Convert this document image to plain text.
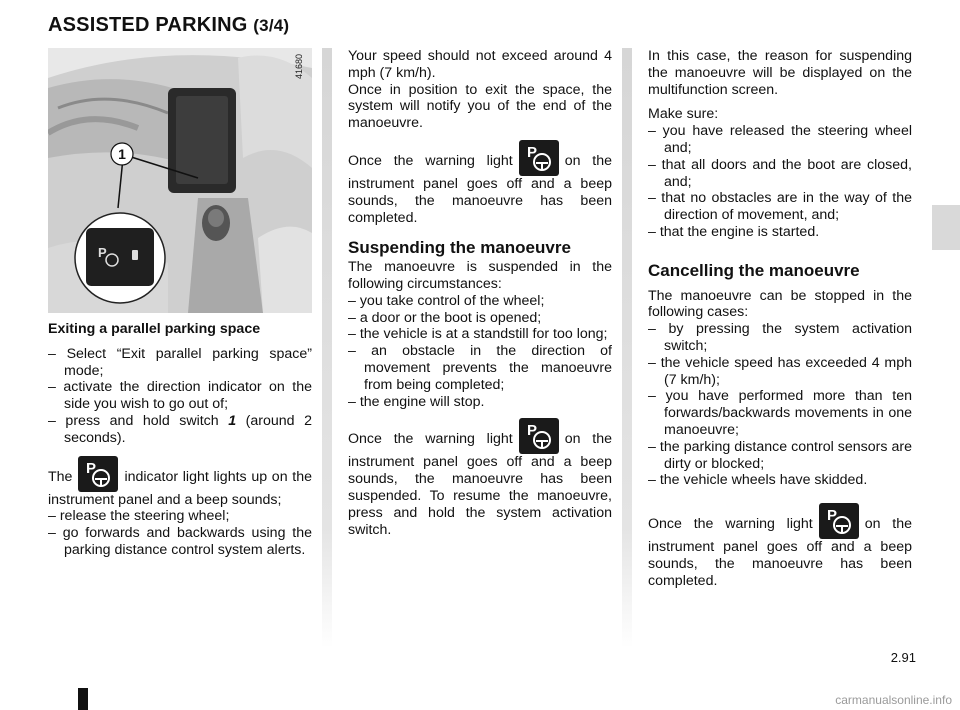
ASSISTED PARKING (3/4)
1
P
41680
Exiting a parallel parking space
– Select “Exit parallel parking space” mode;
– activate the direction indicator on the side you wish to go out of;
– press and hold switch 1 (around 2 seconds).

The P indicator light lights up on the instrument panel and a beep sounds;

– release the steering wheel;
– go forwards and backwards using the parking distance control system alerts.

Your speed should not exceed around 4 mph (7 km/h).

Once in position to exit the space, the system will notify you of the end of the manoeuvre.

Once the warning light P on the instrument panel goes off and a beep sounds, the manoeuvre has been completed.

Suspending the manoeuvre

The manoeuvre is suspended in the following circumstances:

– you take control of the wheel;
– a door or the boot is opened;
– the vehicle is at a standstill for too long;
– an obstacle in the direction of movement prevents the manoeuvre from being completed;
– the engine will stop.

Once the warning light P on the instrument panel goes off and a beep sounds, the manoeuvre has been suspended. To resume the manoeuvre, press and hold the system activation switch.

In this case, the reason for suspending the manoeuvre will be displayed on the multifunction screen.

Make sure:

– you have released the steering wheel and;
– that all doors and the boot are closed, and;
– that no obstacles are in the way of the direction of movement, and;
– that the engine is started.
Cancelling the manoeuvre

The manoeuvre can be stopped in the following cases:

– by pressing the system activation switch;
– the vehicle speed has exceeded 4 mph (7 km/h);
– you have performed more than ten forwards/backwards movements in one manoeuvre;
– the parking distance control sensors are dirty or blocked;
– the vehicle wheels have skidded.

Once the warning light P on the instrument panel goes off and a beep sounds, the manoeuvre has been completed.

2.91
carmanualsonline.info
